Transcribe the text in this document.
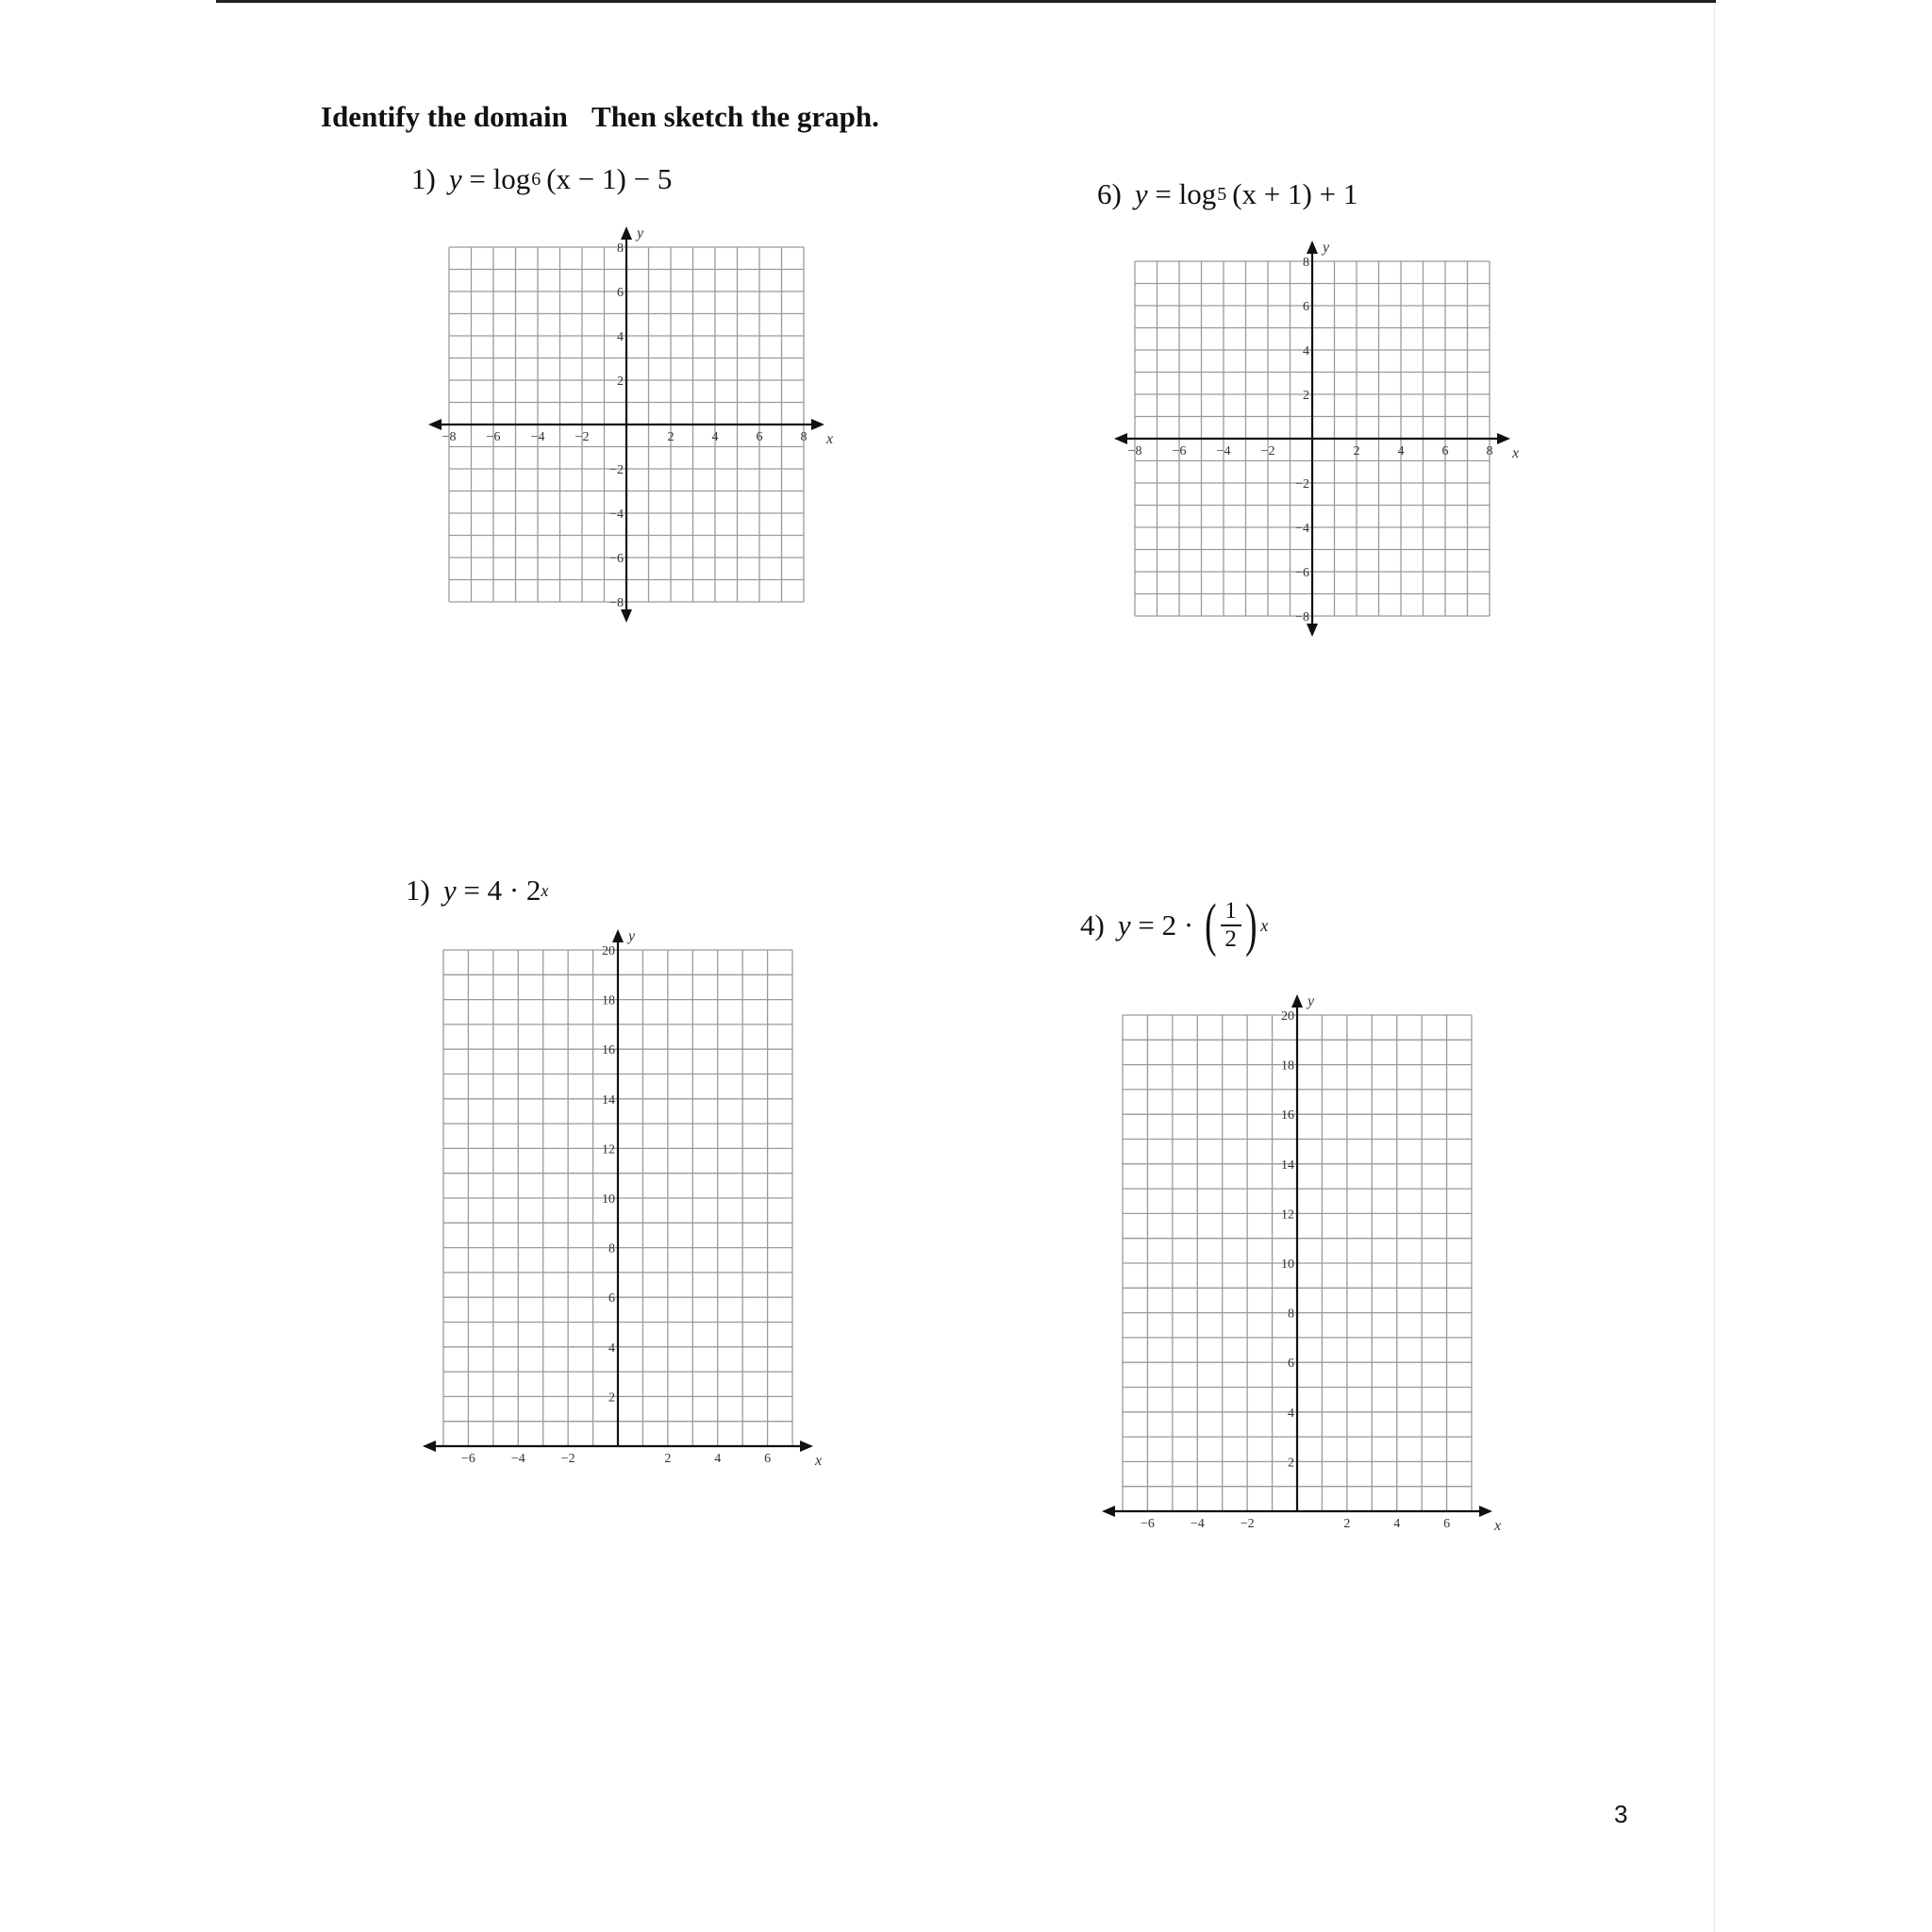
Identify the domain Then sketch the graph.
1) y
=
log 6 (x − 1)
− 5
x
y
−8 −6 −4 −2	2	4	6	8
8
6
4
2
−2
−4
−6
−8
6) y
=
log 5 (x + 1)
+ 1
x
y
−8 −6 −4 −2	2	4	6	8
8
6
4
2
−2
−4
−6
−8
1) y
=
4 · 2 x
x
y
−6	−4	−2	2	4	6
20
18
16
14
12
10
8
6
4
2
4) y
=
2 ·
( $\frac{1}{2}$ ) x
x
y
−6	−4	−2	2	4	6
20
18
16
14
12
10
8
6
4
2
3
